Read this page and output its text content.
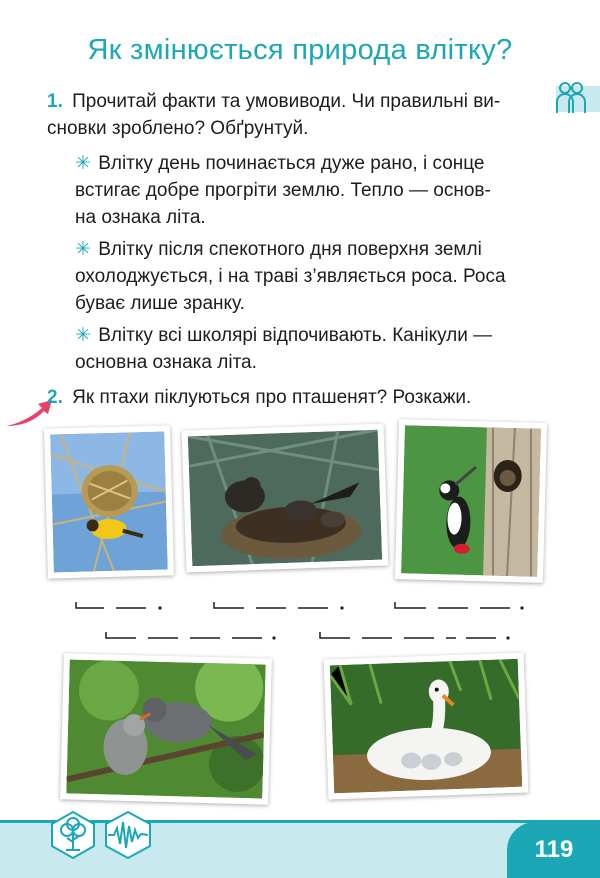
Як змінюється природа влітку?
1. Прочитай факти та умовиводи. Чи правильні ви-
сновки зроблено? Обґрунтуй.
✳ Влітку день починається дуже рано, і сонце
встигає добре прогріти землю. Тепло — основ-
на ознака літа.
✳ Влітку після спекотного дня поверхня землі
охолоджується, і на траві з’являється роса. Роса
буває лише зранку.
✳ Влітку всі школярі відпочивають. Канікули —
основна ознака літа.
2. Як птахи піклуються про пташенят? Розкажи.
119
